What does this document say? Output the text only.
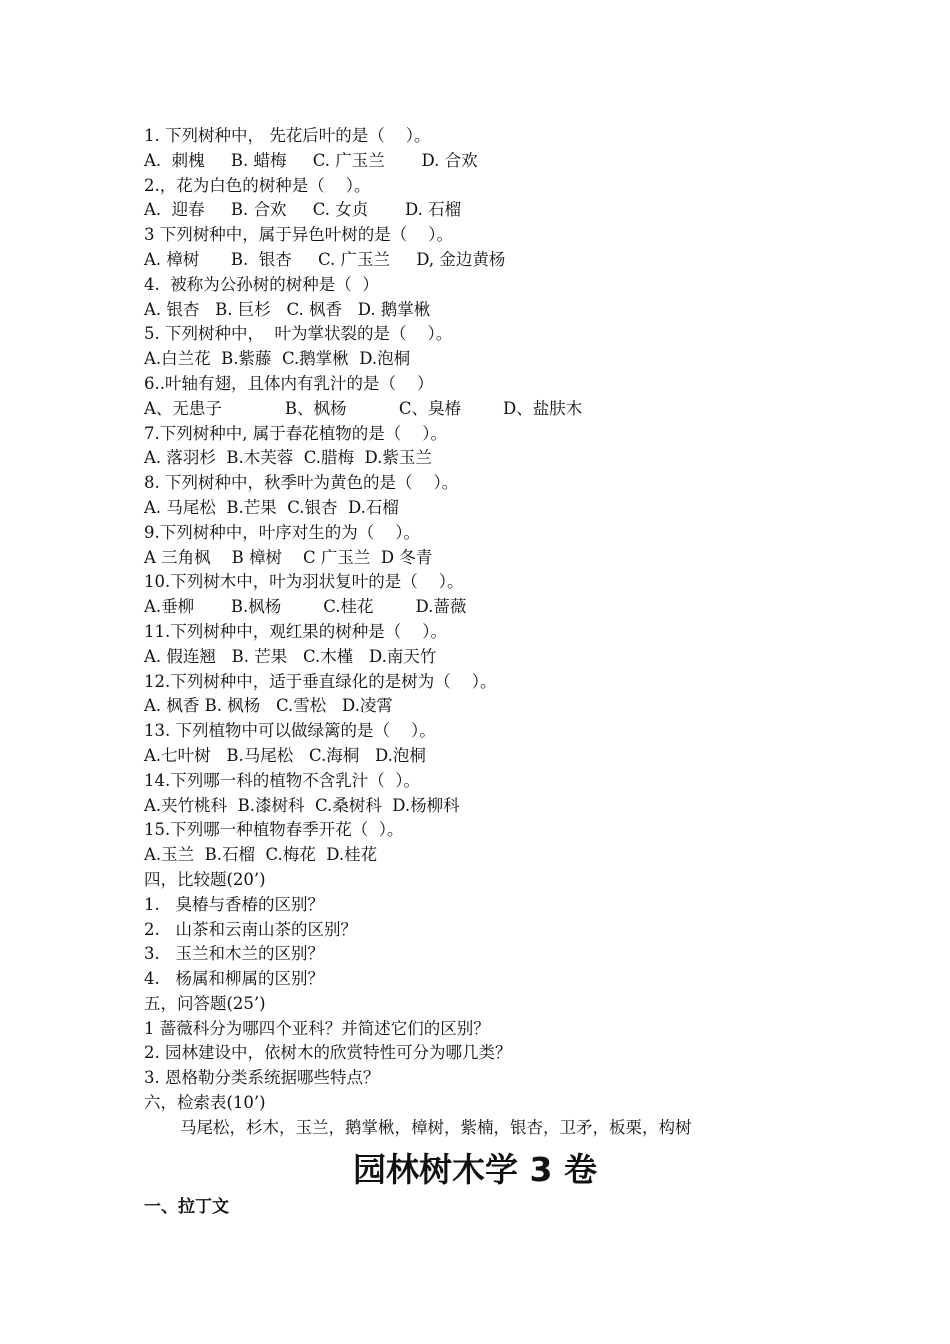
1. 下列树种中， 先花后叶的是（    ）。
A.  刺槐     B. 蜡梅     C. 广玉兰       D. 合欢
2.，花为白色的树种是（    ）。
A.  迎春     B. 合欢     C. 女贞       D. 石榴
3 下列树种中，属于异色叶树的是（    ）。
A. 樟树      B.  银杏     C. 广玉兰     D, 金边黄杨
4.  被称为公孙树的树种是（  ）
A. 银杏   B. 巨杉   C. 枫香   D. 鹅掌楸
5. 下列树种中，  叶为掌状裂的是（    ）。
A.白兰花  B.紫藤  C.鹅掌楸  D.泡桐
6..叶轴有翅，且体内有乳汁的是（    ）
A、无患子            B、枫杨          C、臭椿        D、盐肤木
7.下列树种中, 属于春花植物的是（    ）。
A. 落羽杉  B.木芙蓉  C.腊梅  D.紫玉兰
8. 下列树种中，秋季叶为黄色的是（    ）。
A. 马尾松  B.芒果  C.银杏  D.石榴
9.下列树种中，叶序对生的为（    ）。
A 三角枫    B 樟树    C 广玉兰  D 冬青
10.下列树木中，叶为羽状复叶的是（    ）。
A.垂柳       B.枫杨        C.桂花        D.蔷薇
11.下列树种中，观红果的树种是（    ）。
A. 假连翘   B. 芒果   C.木槿   D.南天竹
12.下列树种中，适于垂直绿化的是树为（    ）。
A. 枫香 B. 枫杨   C.雪松   D.凌霄
13. 下列植物中可以做绿篱的是（    ）。
A.七叶树   B.马尾松   C.海桐   D.泡桐
14.下列哪一科的植物不含乳汁（  ）。
A.夹竹桃科  B.漆树科  C.桑树科  D.杨柳科
15.下列哪一种植物春季开花（  ）。
A.玉兰  B.石榴  C.梅花  D.桂花
四，比较题(20’)
1.   臭椿与香椿的区别？
2.   山茶和云南山茶的区别？
3.   玉兰和木兰的区别？
4.   杨属和柳属的区别？
五，问答题(25’)
1 蔷薇科分为哪四个亚科？并简述它们的区别？
2. 园林建设中，依树木的欣赏特性可分为哪几类？
3. 恩格勒分类系统据哪些特点？
六，检索表(10’)
马尾松，杉木，玉兰，鹅掌楸，樟树，紫楠，银杏，卫矛，板栗，构树
园林树木学 3 卷
一、拉丁文
